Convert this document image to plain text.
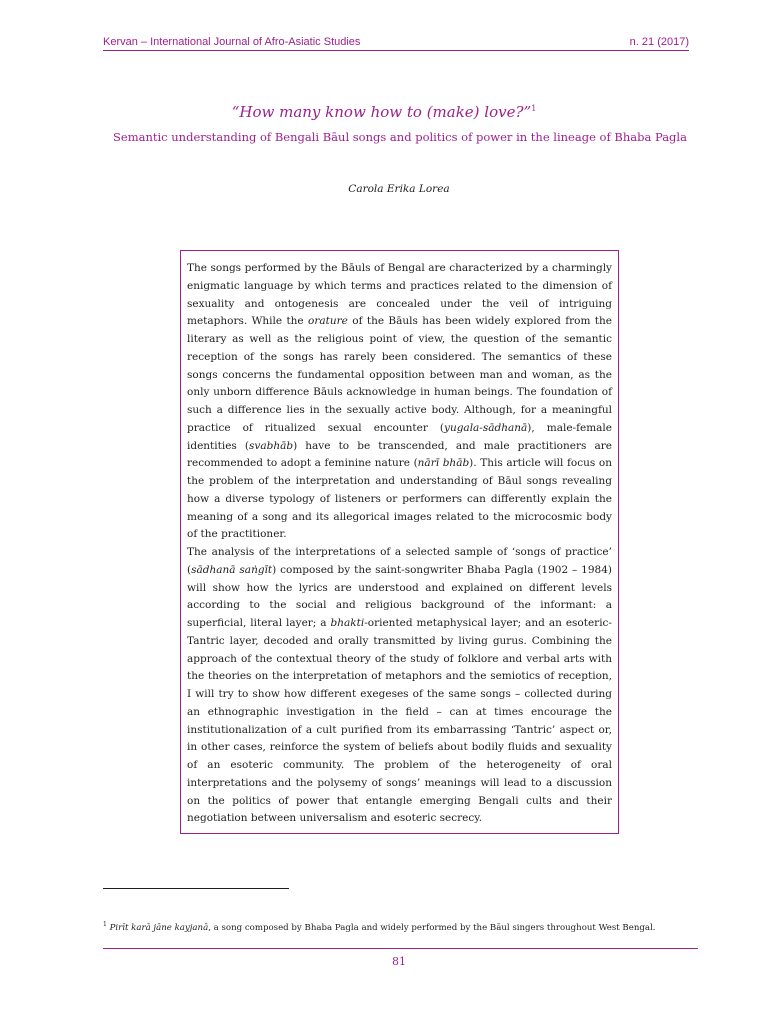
Kervan – International Journal of Afro-Asiatic Studies	n. 21 (2017)
“How many know how to (make) love?”$^1$
Semantic understanding of Bengali Bāul songs and politics of power in the lineage of Bhaba Pagla
Carola Erika Lorea

The songs performed by the Bāuls of Bengal are characterized by a charmingly enigmatic language by which terms and practices related to the dimension of sexuality and ontogenesis are concealed under the veil of intriguing metaphors. While the orature of the Bāuls has been widely explored from the literary as well as the religious point of view, the question of the semantic reception of the songs has rarely been considered. The semantics of these songs concerns the fundamental opposition between man and woman, as the only unborn difference Bāuls acknowledge in human beings. The foundation of such a difference lies in the sexually active body. Although, for a meaningful practice of ritualized sexual encounter (yugala-sādhanā), male-female identities (svabhāb) have to be transcended, and male practitioners are recommended to adopt a feminine nature (nārī bhāb). This article will focus on the problem of the interpretation and understanding of Bāul songs revealing how a diverse typology of listeners or performers can differently explain the meaning of a song and its allegorical images related to the microcosmic body of the practitioner.

The analysis of the interpretations of a selected sample of ‘songs of practice’ (sādhanā saṅgīt) composed by the saint-songwriter Bhaba Pagla (1902 – 1984) will show how the lyrics are understood and explained on different levels according to the social and religious background of the informant: a superficial, literal layer; a bhakti-oriented metaphysical layer; and an esoteric-Tantric layer, decoded and orally transmitted by living gurus. Combining the approach of the contextual theory of the study of folklore and verbal arts with the theories on the interpretation of metaphors and the semiotics of reception, I will try to show how different exegeses of the same songs – collected during an ethnographic investigation in the field – can at times encourage the institutionalization of a cult purified from its embarrassing ‘Tantric’ aspect or, in other cases, reinforce the system of beliefs about bodily fluids and sexuality of an esoteric community. The problem of the heterogeneity of oral interpretations and the polysemy of songs’ meanings will lead to a discussion on the politics of power that entangle emerging Bengali cults and their negotiation between universalism and esoteric secrecy.

$^1$ Pirīt karā jāne kayjanā, a song composed by Bhaba Pagla and widely performed by the Bāul singers throughout West Bengal.
81
